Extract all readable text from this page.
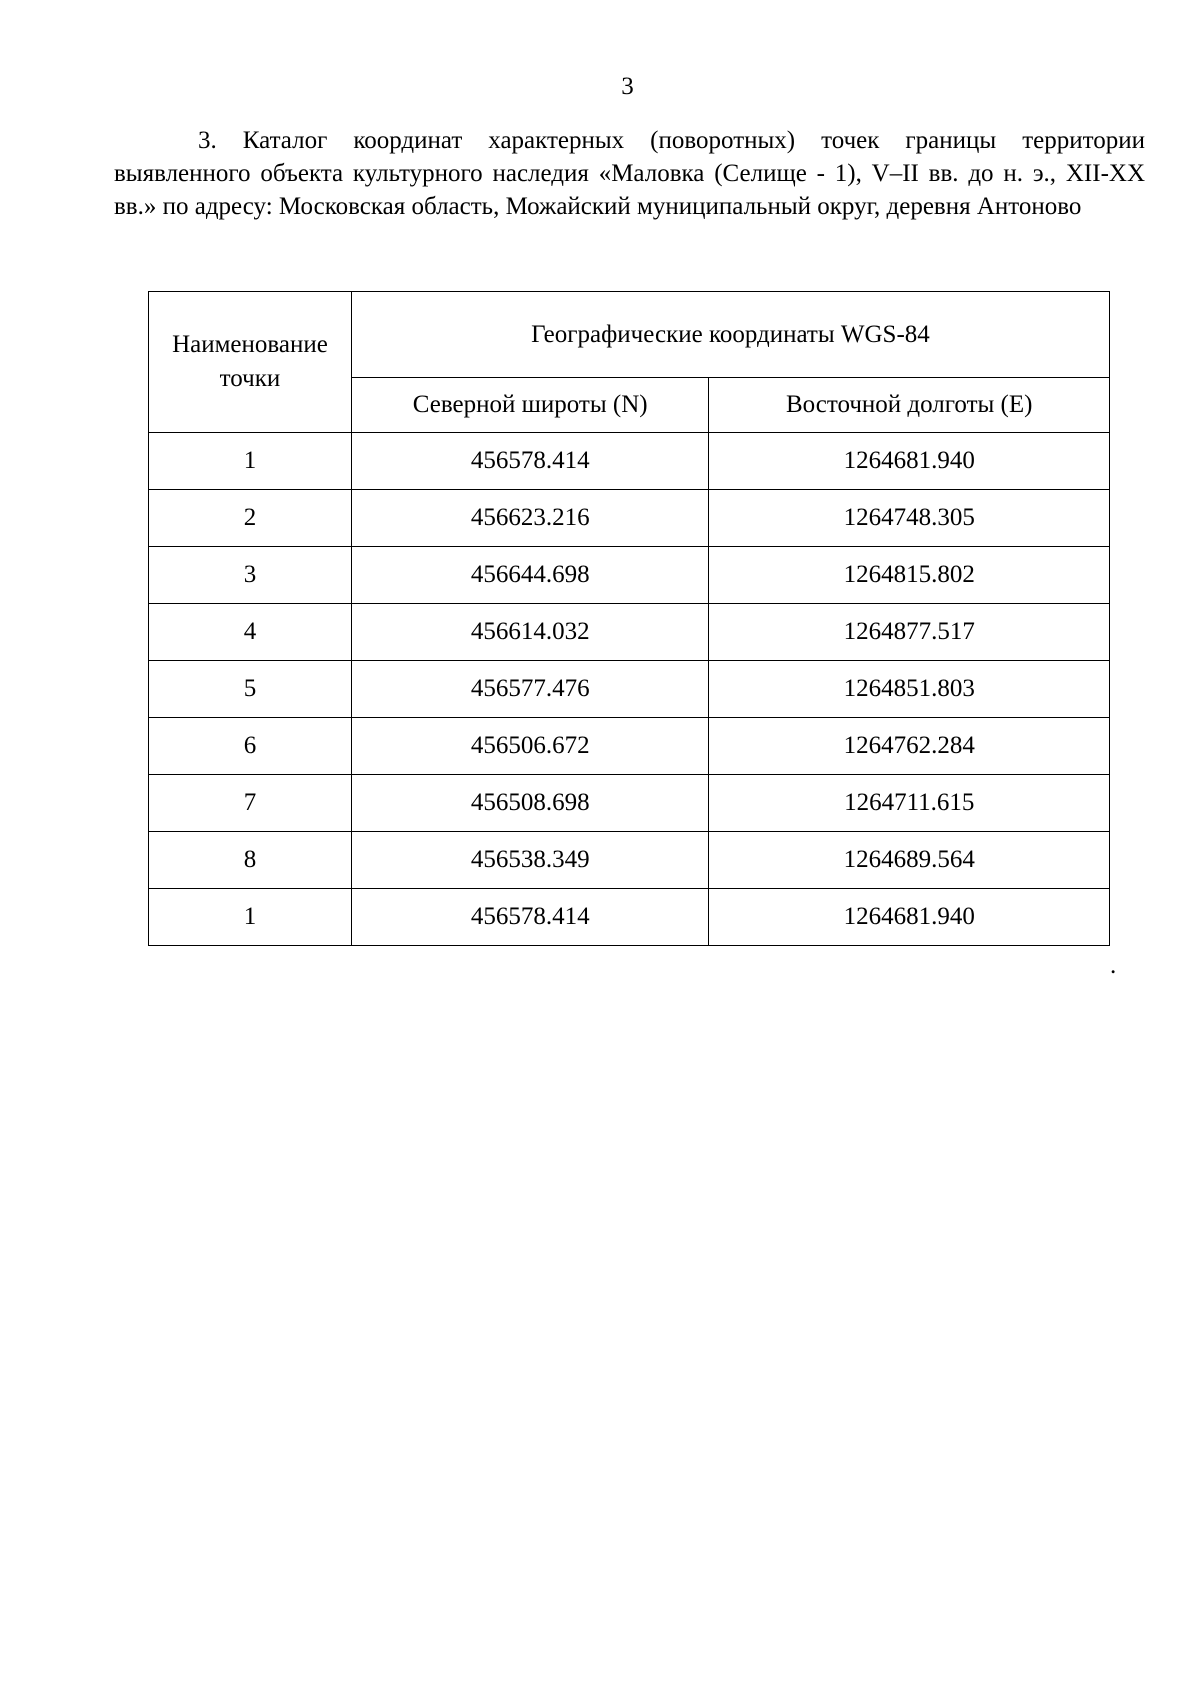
3

3. Каталог координат характерных (поворотных) точек границы территории выявленного объекта культурного наследия «Маловка (Селище - 1), V–II вв. до н. э., XII-XX вв.» по адресу: Московская область, Можайский муниципальный округ, деревня Антоново

Наименование точки	Географические координаты WGS-84	
	Северной широты (N)	Восточной долготы (E)
1	456578.414	1264681.940
2	456623.216	1264748.305
3	456644.698	1264815.802
4	456614.032	1264877.517
5	456577.476	1264851.803
6	456506.672	1264762.284
7	456508.698	1264711.615
8	456538.349	1264689.564
1	456578.414	1264681.940
.
